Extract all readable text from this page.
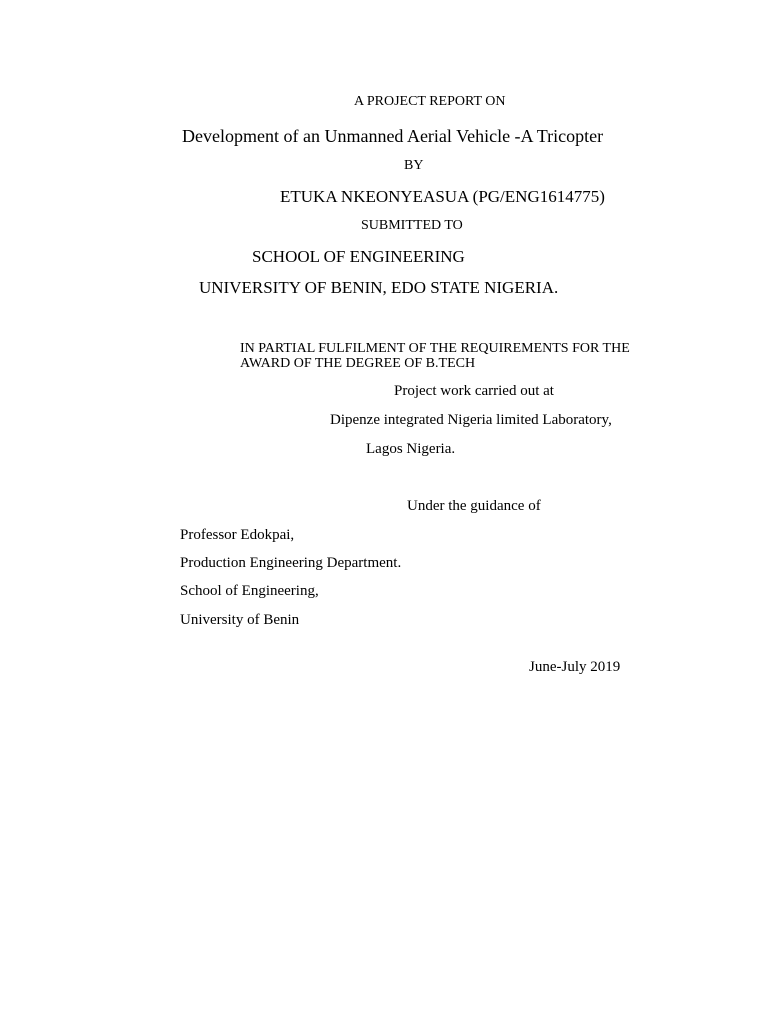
A PROJECT REPORT ON
Development of an Unmanned Aerial Vehicle -A Tricopter
BY
ETUKA NKEONYEASUA (PG/ENG1614775)
SUBMITTED TO
SCHOOL OF ENGINEERING
UNIVERSITY OF BENIN, EDO STATE NIGERIA.
IN PARTIAL FULFILMENT OF THE REQUIREMENTS FOR THE AWARD OF THE DEGREE OF B.TECH
Project work carried out at
Dipenze integrated Nigeria limited Laboratory,
Lagos Nigeria.
Under the guidance of
Professor Edokpai,
Production Engineering Department.
School of Engineering,
University of Benin
June-July 2019
